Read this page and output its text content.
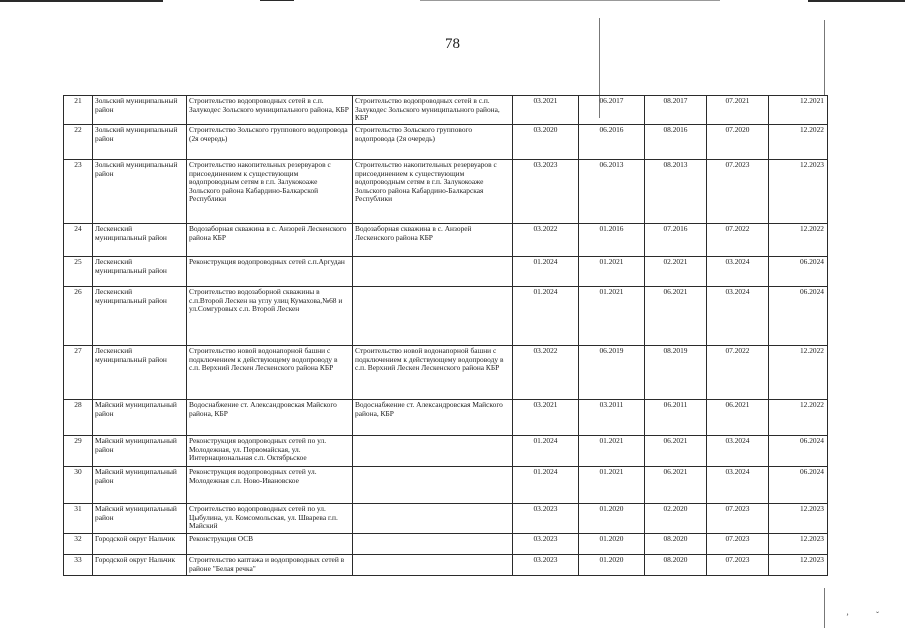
78
21	Зольский муниципальный район	Строительство водопроводных сетей в с.п. Залукодес Зольского муниципального района, КБР	Строительство водопроводных сетей в с.п. Залукодес Зольского муниципального района, КБР	03.2021	06.2017	08.2017	07.2021	12.2021
22	Зольский муниципальный район	Строительство Зольского группового водопровода (2я очередь)	Строительство Зольского группового водопровода (2я очередь)	03.2020	06.2016	08.2016	07.2020	12.2022
23	Зольский муниципальный район	Строительство накопительных резервуаров с присоединением к существующим водопроводным сетям в г.п. Залукокоаже Зольского района Кабардино-Балкарской Республики	Строительство накопительных резервуаров с присоединением к существующим водопроводным сетям в г.п. Залукокоаже Зольского района Кабардино-Балкарская Республики	03.2023	06.2013	08.2013	07.2023	12.2023
24	Лескенский муниципальный район	Водозаборная скважина в с. Анзорей Лескенского района КБР	Водозаборная скважина в с. Анзорей Лескенского района КБР	03.2022	01.2016	07.2016	07.2022	12.2022
25	Лескенский муниципальный район	Реконструкция водопроводных сетей с.п.Аргудан		01.2024	01.2021	02.2021	03.2024	06.2024
26	Лескенский муниципальный район	Строительство водозаборной скважины в с.п.Второй Лескен на углу улиц Кумахова,№68 и ул.Сомгуровых с.п. Второй Лескен		01.2024	01.2021	06.2021	03.2024	06.2024
27	Лескенский муниципальный район	Строительство новой водонапорной башни с подключением к действующему водопроводу в с.п. Верхний Лескен Лескенского района КБР	Строительство новой водонапорной башни с подключением к действующему водопроводу в с.п. Верхний Лескен Лескенского района КБР	03.2022	06.2019	08.2019	07.2022	12.2022
28	Майский муниципальный район	Водоснабжение ст. Александровская Майского района, КБР	Водоснабжение ст. Александровская Майского района, КБР	03.2021	03.2011	06.2011	06.2021	12.2022
29	Майский муниципальный район	Реконструкция водопроводных сетей по ул. Молодежная, ул. Первомайская, ул. Интернациональная с.п. Октябрьское		01.2024	01.2021	06.2021	03.2024	06.2024
30	Майский муниципальный район	Реконструкция водопроводных сетей ул. Молодежная с.п. Ново-Ивановское		01.2024	01.2021	06.2021	03.2024	06.2024
31	Майский муниципальный район	Строительство водопроводных сетей по ул. Цыбулина, ул. Комсомольская, ул. Шварева г.п. Майский		03.2023	01.2020	02.2020	07.2023	12.2023
32	Городской округ Нальчик	Реконструкция ОСВ		03.2023	01.2020	08.2020	07.2023	12.2023
33	Городской округ Нальчик	Строительство каптажа и водопроводных сетей в районе "Белая речка"		03.2023	01.2020	08.2020	07.2023	12.2023
ʼ	ˇ
